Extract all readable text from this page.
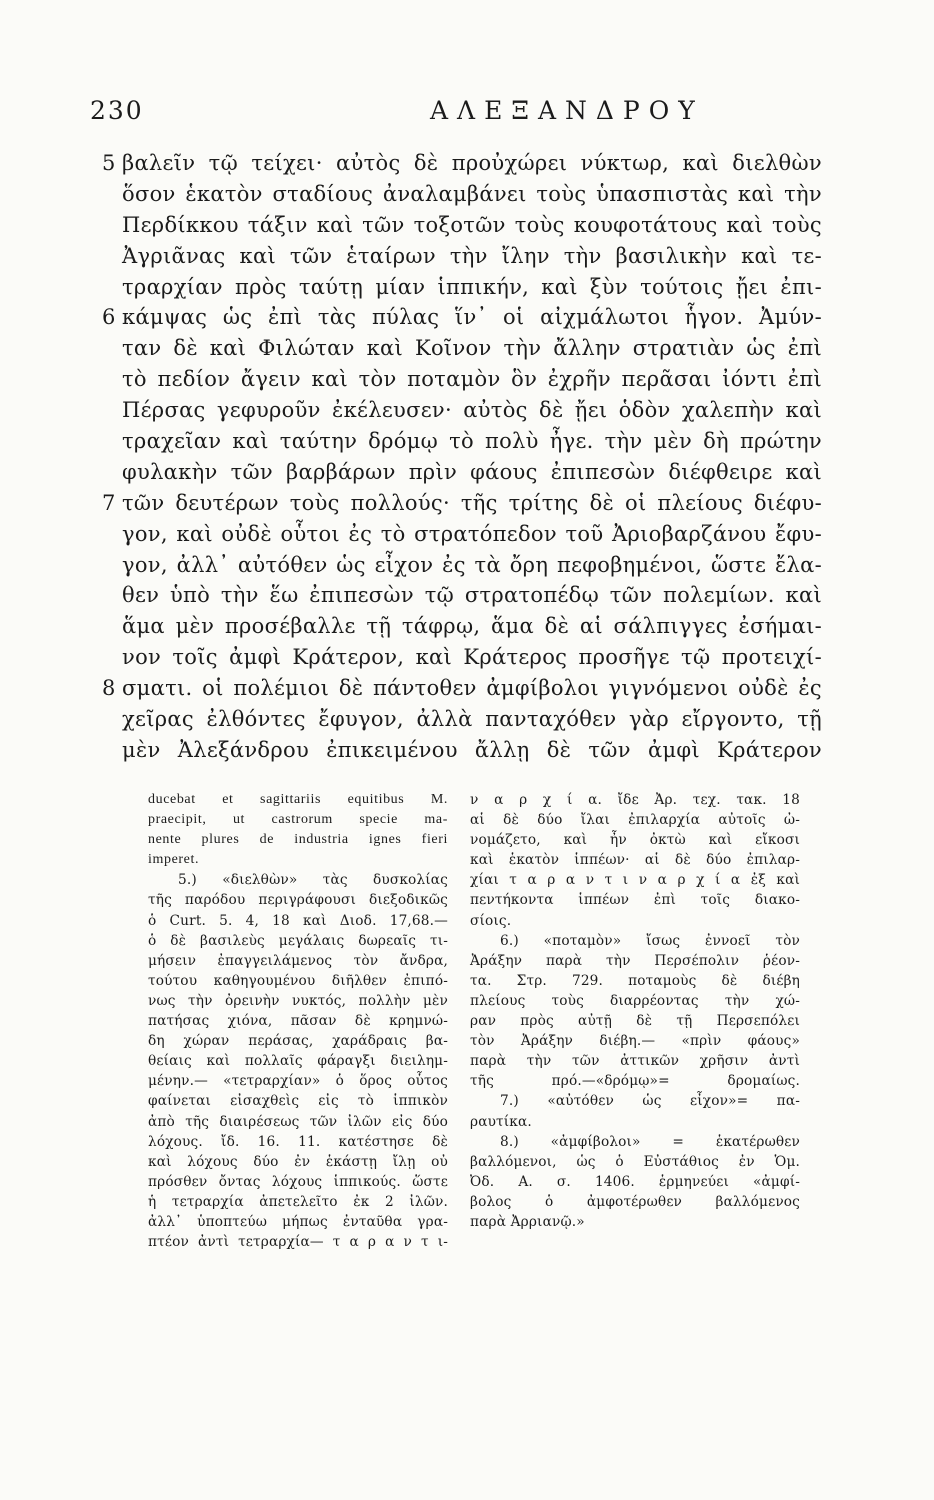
230	ΑΛΕΞΑΝΔΡΟΥ
5 βαλεῖν τῷ τείχει· αὐτὸς δὲ προὐχώρει νύκτωρ, καὶ διελθὼν
ὅσον ἑκατὸν σταδίους ἀναλαμβάνει τοὺς ὑπασπιστὰς καὶ τὴν
Περδίκκου τάξιν καὶ τῶν τοξοτῶν τοὺς κουφοτάτους καὶ τοὺς
Ἀγριᾶνας καὶ τῶν ἑταίρων τὴν ἴλην τὴν βασιλικὴν καὶ τε-
τραρχίαν πρὸς ταύτῃ μίαν ἱππικήν, καὶ ξὺν τούτοις ᾔει ἐπι-
6 κάμψας ὡς ἐπὶ τὰς πύλας ἵν᾽ οἱ αἰχμάλωτοι ἧγον. Ἀμύν-
ταν δὲ καὶ Φιλώταν καὶ Κοῖνον τὴν ἄλλην στρατιὰν ὡς ἐπὶ
τὸ πεδίον ἄγειν καὶ τὸν ποταμὸν ὃν ἐχρῆν περᾶσαι ἰόντι ἐπὶ
Πέρσας γεφυροῦν ἐκέλευσεν· αὐτὸς δὲ ᾔει ὁδὸν χαλεπὴν καὶ
τραχεῖαν καὶ ταύτην δρόμῳ τὸ πολὺ ἦγε. τὴν μὲν δὴ πρώτην
φυλακὴν τῶν βαρβάρων πρὶν φάους ἐπιπεσὼν διέφθειρε καὶ
7 τῶν δευτέρων τοὺς πολλούς· τῆς τρίτης δὲ οἱ πλείους διέφυ-
γον, καὶ οὐδὲ οὗτοι ἐς τὸ στρατόπεδον τοῦ Ἀριοβαρζάνου ἔφυ-
γον, ἀλλ᾽ αὐτόθεν ὡς εἶχον ἐς τὰ ὄρη πεφοβημένοι, ὥστε ἔλα-
θεν ὑπὸ τὴν ἕω ἐπιπεσὼν τῷ στρατοπέδῳ τῶν πολεμίων. καὶ
ἅμα μὲν προσέβαλλε τῇ τάφρῳ, ἅμα δὲ αἱ σάλπιγγες ἐσήμαι-
νον τοῖς ἀμφὶ Κράτερον, καὶ Κράτερος προσῆγε τῷ προτειχί-
8 σματι. οἱ πολέμιοι δὲ πάντοθεν ἀμφίβολοι γιγνόμενοι οὐδὲ ἐς
χεῖρας ἐλθόντες ἔφυγον, ἀλλὰ πανταχόθεν γὰρ εἴργοντο, τῇ
μὲν Ἀλεξάνδρου ἐπικειμένου ἄλλῃ δὲ τῶν ἀμφὶ Κράτερον
ducebat et sagittariis equitibus M.
praecipit, ut castrorum specie ma-
nente plures de industria ignes fieri
imperet.
5.) «διελθὼν» τὰς δυσκολίας
τῆς παρόδου περιγράφουσι διεξοδικῶς
ὁ Curt. 5. 4, 18 καὶ Διοδ. 17,68.—
ὁ δὲ βασιλεὺς μεγάλαις δωρεαῖς τι-
μήσειν ἐπαγγειλάμενος τὸν ἄνδρα,
τούτου καθηγουμένου διῆλθεν ἐπιπό-
νως τὴν ὀρεινὴν νυκτός, πολλὴν μὲν
πατήσας χιόνα, πᾶσαν δὲ κρημνώ-
δη χώραν περάσας, χαράδραις βα-
θείαις καὶ πολλαῖς φάραγξι διειλημ-
μένην.— «τετραρχίαν» ὁ ὅρος οὗτος
φαίνεται εἰσαχθεὶς εἰς τὸ ἱππικὸν
ἀπὸ τῆς διαιρέσεως τῶν ἰλῶν εἰς δύο
λόχους. ἴδ. 16. 11. κατέστησε δὲ
καὶ λόχους δύο ἐν ἑκάστῃ ἴλῃ οὐ
πρόσθεν ὄντας λόχους ἱππικούς. ὥστε
ἡ τετραρχία ἀπετελεῖτο ἐκ 2 ἰλῶν.
ἀλλ᾽ ὑποπτεύω μήπως ἐνταῦθα γρα-
πτέον ἀντὶ τετραρχία— τ α ρ α ν τ ι-
ν α ρ χ ί α. ἴδε Ἀρ. τεχ. τακ. 18
αἱ δὲ δύο ἴλαι ἐπιλαρχία αὐτοῖς ὠ-
νομάζετο, καὶ ἦν ὀκτὼ καὶ εἴκοσι
καὶ ἑκατὸν ἱππέων· αἱ δὲ δύο ἐπιλαρ-
χίαι τ α ρ α ν τ ι ν α ρ χ ί α ἐξ καὶ
πεντήκοντα ἱππέων ἐπὶ τοῖς διακο-
σίοις.
6.) «ποταμὸν» ἴσως ἐννοεῖ τὸν
Ἀράξην παρὰ τὴν Περσέπολιν ῥέον-
τα. Στρ. 729. ποταμοὺς δὲ διέβη
πλείους τοὺς διαρρέοντας τὴν χώ-
ραν πρὸς αὐτῇ δὲ τῇ Περσεπόλει
τὸν Ἀράξην διέβη.— «πρὶν φάους»
παρὰ τὴν τῶν ἀττικῶν χρῆσιν ἀντὶ
τῆς πρό.—«δρόμῳ»= δρομαίως.
7.) «αὐτόθεν ὡς εἶχον»= πα-
ραυτίκα.
8.) «ἀμφίβολοι» = ἑκατέρωθεν
βαλλόμενοι, ὡς ὁ Εὐστάθιος ἐν Ὁμ.
Ὀδ. Α. σ. 1406. ἑρμηνεύει «ἀμφί-
βολος ὁ ἀμφοτέρωθεν βαλλόμενος
παρὰ Ἀρριανῷ.»
